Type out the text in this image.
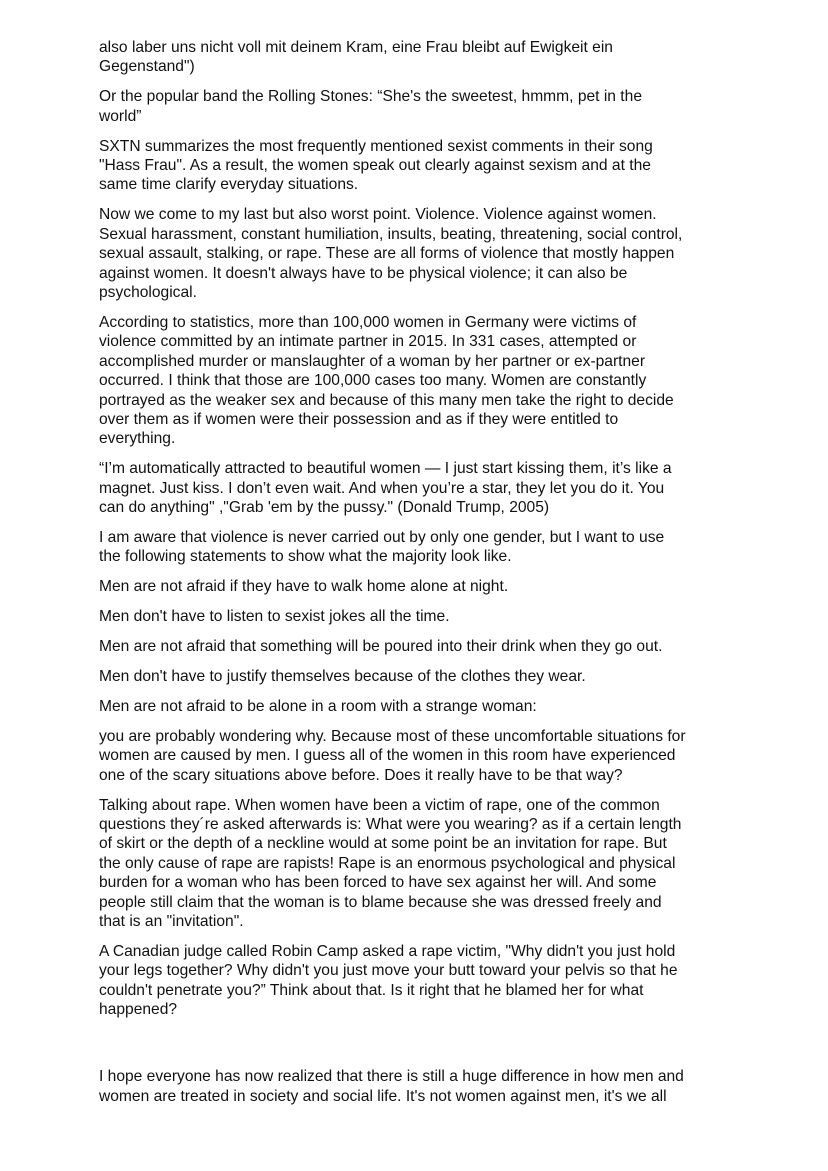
also laber uns nicht voll mit deinem Kram, eine Frau bleibt auf Ewigkeit ein
Gegenstand")

Or the popular band the Rolling Stones: “She's the sweetest, hmmm, pet in the
world”

SXTN summarizes the most frequently mentioned sexist comments in their song
"Hass Frau". As a result, the women speak out clearly against sexism and at the
same time clarify everyday situations.

Now we come to my last but also worst point. Violence. Violence against women.
Sexual harassment, constant humiliation, insults, beating, threatening, social control,
sexual assault, stalking, or rape. These are all forms of violence that mostly happen
against women. It doesn't always have to be physical violence; it can also be
psychological.

According to statistics, more than 100,000 women in Germany were victims of
violence committed by an intimate partner in 2015. In 331 cases, attempted or
accomplished murder or manslaughter of a woman by her partner or ex-partner
occurred. I think that those are 100,000 cases too many. Women are constantly
portrayed as the weaker sex and because of this many men take the right to decide
over them as if women were their possession and as if they were entitled to
everything.

“I’m automatically attracted to beautiful women — I just start kissing them, it’s like a
magnet. Just kiss. I don’t even wait. And when you’re a star, they let you do it. You
can do anything" ,"Grab 'em by the pussy." (Donald Trump, 2005)

I am aware that violence is never carried out by only one gender, but I want to use
the following statements to show what the majority look like.

Men are not afraid if they have to walk home alone at night.

Men don't have to listen to sexist jokes all the time.

Men are not afraid that something will be poured into their drink when they go out.

Men don't have to justify themselves because of the clothes they wear.

Men are not afraid to be alone in a room with a strange woman:

you are probably wondering why. Because most of these uncomfortable situations for
women are caused by men. I guess all of the women in this room have experienced
one of the scary situations above before. Does it really have to be that way?

Talking about rape. When women have been a victim of rape, one of the common
questions they´re asked afterwards is: What were you wearing? as if a certain length
of skirt or the depth of a neckline would at some point be an invitation for rape. But
the only cause of rape are rapists! Rape is an enormous psychological and physical
burden for a woman who has been forced to have sex against her will. And some
people still claim that the woman is to blame because she was dressed freely and
that is an "invitation".

A Canadian judge called Robin Camp asked a rape victim, "Why didn't you just hold
your legs together? Why didn't you just move your butt toward your pelvis so that he
couldn't penetrate you?” Think about that. Is it right that he blamed her for what
happened?

I hope everyone has now realized that there is still a huge difference in how men and
women are treated in society and social life. It's not women against men, it's we all
